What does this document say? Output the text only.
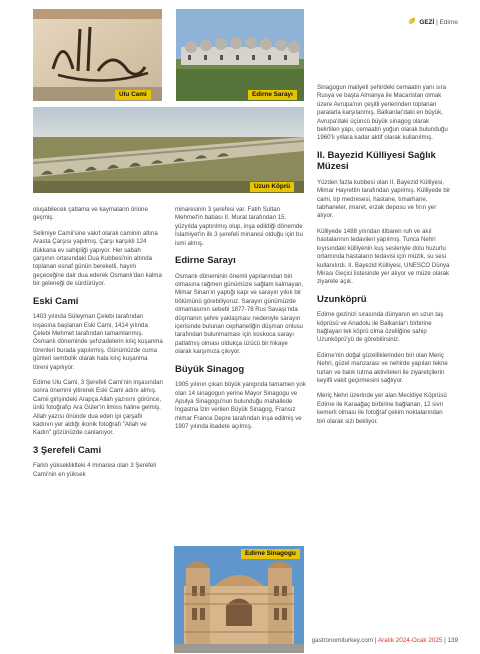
GEZİ | Edirne
Ulu Cami	Edirne Sarayı
Uzun Köprü
Edirne Sinagogu

oluşabilecek çatlama ve kaymaların önüne geçmiş.

Selimiye Camii'sine vakıf olarak caminin altına Arasta Çarşısı yapılmış. Çarşı karşıkli 124 dükkana ev sahipliği yapıyor. Her sabah çarşının ortasındaki Dua Kubbesi'nin altında toplanan esnaf günün bereketli, hayırlı geçeceğine dair dua ederek Osmanlı'dan kalma bir geleneği de sürdürüyor.

Eski Cami

1403 yılında Süleyman Çelebi tarafından inşasına başlanan Eski Cami, 1414 yılında Çelebi Mehmet tarafından tamamlanmış. Osmanlı döneminde şehzadelerin kılıç kuşanma törenleri burada yapılırmış. Günümüzde cuma günleri sembolik olarak hala kılıç kuşanma töreni yapılıyor.

Edirne Ulu Cami, 3 Şerefeli Cami'nin inşasından sonra önemini yitirerek Eski Cami adını almış. Camii girişindeki Arapça Allah yazısını görünce, ünlü fotoğrafçı Ara Güler'in ilmiss haline gelmiş. Allah yazısı önünde dua eden ipi çarşaflı kadının yer aldığı ikonik fotoğrafı "Allah ve Kadın" gözünüzde canlanıyor.

3 Şerefeli Cami

Farklı yüksekliklteki 4 minaresi olan 3 Şerefeli Cami'nin en yüksek

minaresinin 3 şerefesi var. Fatih Sultan Mehmet'in babası II. Murat tarafından 15. yüzyılda yaptırılmış olup, inşa edildiği dönemde İslamiyet'in ilk 3 şerefeli minaresi olduğu için bu ismi almış.

Edirne Sarayı

Osmanlı döneminin önemli yapılarından biri olmasına rağmen günümüze sağlam kalmayan, Mimar Sinan'ın yaptığı kapı ve sarayın yıkık bir bölümünü görebiliyoruz. Sarayın günümüzde olmamasının sebebi 1877-78 Rus Savaşı'nda düşmanın şehre yaklaşması nedeniyle sarayın içerisinde bulunan cephaneliğin düşman onlusu tarafından bulunmaması için koskoca sarayı patlatmış olması oldukça üzücü bir hikaye olarak karşımıza çıkıyor.

Büyük Sinagog

1905 yılının çıkan büyük yangında tamamen yok olan 14 sinagogun yerine Mayor Sinagogu ve Apulya Sinagogu'nun bulunduğu mahallede İngastna İzin verilen Büyük Sinagog, Fransız mimar France Depre tarafından inşa edilmiş ve 1907 yılında ibadete açılmış.

Sinagogun maliyeti şehirdeki cemaatin yanı sıra Rusya ve başta Almanya ile Macaristan olmak üzere Avrupa'nın çeşitli yerlerinden toplanan paralarla karşılanmış. Balkanlar'daki en büyük, Avrupa'daki üçüncü büyük sinagog olarak belirtilen yapı, cemaatin yoğun olarak bulunduğu 1960'lı yıllara kadar aktif olarak kullanılmış.

II. Bayezid Külliyesi Sağlık Müzesi

Yüzden fazla kubbesi olan II. Bayezid Külliyesi, Mimar Hayrettin tarafından yapılmış. Külliyede bir cami, tıp medresesi, hastane, tımarhane, tabhaneler, imaret, erzak deposu ve fırın yer alıyor.

Külliyede 1488 yılından itibaren ruh ve akıl hastalarının tedavileri yapılmış. Tunca Nehri kıyısındaki külliyenin kuş sesleriyle dolu huzurlu ortamında hastaların tedavisi için müzik, su sesi kullanılırdı. II. Bayezid Külliyesi, UNESCO Dünya Mirası Geçici listesinde yer alıyor ve müze olarak ziyarete açık.

Uzunköprü

Edirne gezinizi sırasında dünyanın en uzun taş köprüsü ve Anadolu ile Balkanlar'ı birbirine bağlayan tek köprü olma özelliğine sahip Uzunköprü'yü de görebilirsiniz.

Edirne'nin doğal güzelliklerinden biri olan Meriç Nehri, güzel manzarası ve nehirde yapılan tekne turları ve balık tutma aktiviteleri ile ziyaretçilerin keyifli vakit geçirmesini sağlıyor.

Meriç Nehri üzerinde yer alan Mecidiye Köprüsü Edirne ile Karaağaç birbirine bağlanan, 12 sivri kemerli olması ile fotoğraf çekim noktalarından biri olarak sizi bekliyor.

gastronomiturkey.com | Aralık 2024-Ocak 2025 | 139
